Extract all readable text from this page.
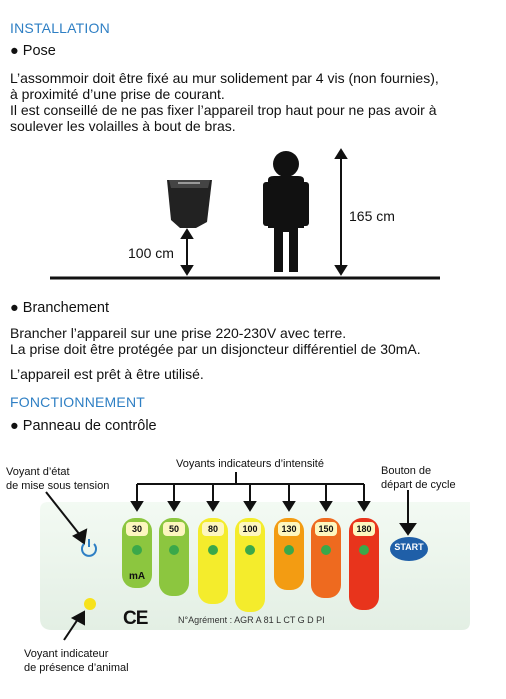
INSTALLATION
● Pose
L’assommoir doit être fixé au mur solidement par 4 vis (non fournies),
à proximité d’une prise de courant.
Il est conseillé de ne pas fixer l’appareil trop haut pour ne pas avoir à
soulever les volailles à bout de bras.
100 cm
165 cm
● Branchement
Brancher l’appareil sur une prise 220-230V avec terre.
La prise doit être protégée par un disjoncteur différentiel de 30mA.
L’appareil est prêt à être utilisé.
FONCTIONNEMENT
● Panneau de contrôle
30	50	80	100	130	150	180
mA
START
CE	N°Agrément : AGR A 81 L CT G D PI
Voyant d’état
de mise sous tension
Voyants indicateurs d’intensité
Bouton de
départ de cycle
Voyant indicateur
de présence d’animal
